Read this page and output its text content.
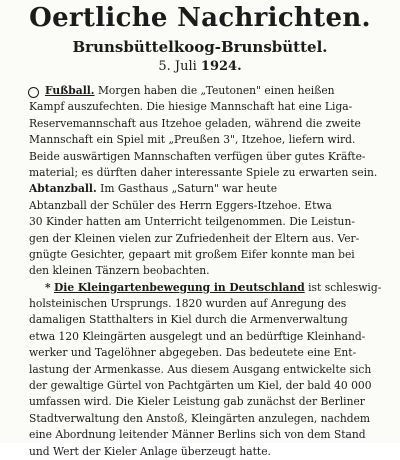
Oertliche Nachrichten.
Brunsbüttelkoog-Brunsbüttel.
5. Juli 1924.
Fußball. Morgen haben die „Teutonen" einen heißen
Kampf auszufechten. Die hiesige Mannschaft hat eine Liga-
Reservemannschaft aus Itzehoe geladen, während die zweite
Mannschaft ein Spiel mit „Preußen 3", Itzehoe, liefern wird.
Beide auswärtigen Mannschaften verfügen über gutes Kräfte-
material; es dürften daher interessante Spiele zu erwarten sein.
Abtanzball. Im Gasthaus „Saturn" war heute
Abtanzball der Schüler des Herrn Eggers-Itzehoe. Etwa
30 Kinder hatten am Unterricht teilgenommen. Die Leistun-
gen der Kleinen vielen zur Zufriedenheit der Eltern aus. Ver-
gnügte Gesichter, gepaart mit großem Eifer konnte man bei
den kleinen Tänzern beobachten.
* Die Kleingartenbewegung in Deutschland ist schleswig-
holsteinischen Ursprungs. 1820 wurden auf Anregung des
damaligen Statthalters in Kiel durch die Armenverwaltung
etwa 120 Kleingärten ausgelegt und an bedürftige Kleinhand-
werker und Tagelöhner abgegeben. Das bedeutete eine Ent-
lastung der Armenkasse. Aus diesem Ausgang entwickelte sich
der gewaltige Gürtel von Pachtgärten um Kiel, der bald 40 000
umfassen wird. Die Kieler Leistung gab zunächst der Berliner
Stadtverwaltung den Anstoß, Kleingärten anzulegen, nachdem
eine Abordnung leitender Männer Berlins sich von dem Stand
und Wert der Kieler Anlage überzeugt hatte.
